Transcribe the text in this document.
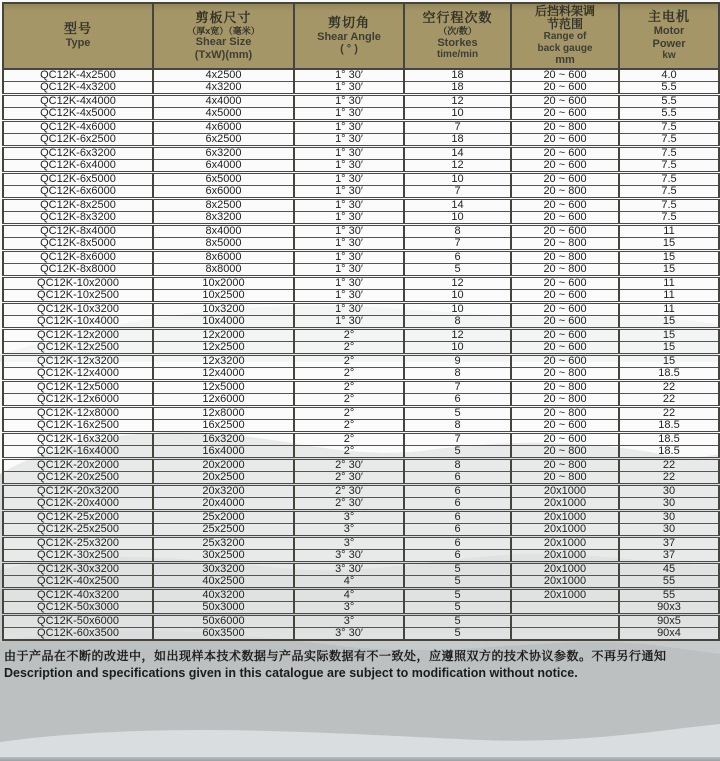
型号
Type	剪板尺寸
（厚x宽）（毫米）
Shear Size
(TxW)(mm)	剪切角
Shear Angle
( ° )	空行程次数
（次/数）
Storkes
time/min	后挡料架调
节范围
Range of
back gauge
mm	主电机
Motor
Power
kw

QC12K-4x2500	4x2500	1° 30′	18	20 ~ 600	4.0
QC12K-4x3200	4x3200	1° 30′	18	20 ~ 600	5.5
QC12K-4x4000	4x4000	1° 30′	12	20 ~ 600	5.5
QC12K-4x5000	4x5000	1° 30′	10	20 ~ 600	5.5
QC12K-4x6000	4x6000	1° 30′	7	20 ~ 800	7.5
QC12K-6x2500	6x2500	1° 30′	18	20 ~ 600	7.5
QC12K-6x3200	6x3200	1° 30′	14	20 ~ 600	7.5
QC12K-6x4000	6x4000	1° 30′	12	20 ~ 600	7.5
QC12K-6x5000	6x5000	1° 30′	10	20 ~ 600	7.5
QC12K-6x6000	6x6000	1° 30′	7	20 ~ 800	7.5
QC12K-8x2500	8x2500	1° 30′	14	20 ~ 600	7.5
QC12K-8x3200	8x3200	1° 30′	10	20 ~ 600	7.5
QC12K-8x4000	8x4000	1° 30′	8	20 ~ 600	11
QC12K-8x5000	8x5000	1° 30′	7	20 ~ 800	15
QC12K-8x6000	8x6000	1° 30′	6	20 ~ 800	15
QC12K-8x8000	8x8000	1° 30′	5	20 ~ 800	15
QC12K-10x2000	10x2000	1° 30′	12	20 ~ 600	11
QC12K-10x2500	10x2500	1° 30′	10	20 ~ 600	11
QC12K-10x3200	10x3200	1° 30′	10	20 ~ 600	11
QC12K-10x4000	10x4000	1° 30′	8	20 ~ 600	15
QC12K-12x2000	12x2000	2°	12	20 ~ 600	15
QC12K-12x2500	12x2500	2°	10	20 ~ 600	15
QC12K-12x3200	12x3200	2°	9	20 ~ 600	15
QC12K-12x4000	12x4000	2°	8	20 ~ 800	18.5
QC12K-12x5000	12x5000	2°	7	20 ~ 800	22
QC12K-12x6000	12x6000	2°	6	20 ~ 800	22
QC12K-12x8000	12x8000	2°	5	20 ~ 800	22
QC12K-16x2500	16x2500	2°	8	20 ~ 600	18.5
QC12K-16x3200	16x3200	2°	7	20 ~ 600	18.5
QC12K-16x4000	16x4000	2°	5	20 ~ 800	18.5
QC12K-20x2000	20x2000	2° 30′	8	20 ~ 800	22
QC12K-20x2500	20x2500	2° 30′	6	20 ~ 800	22
QC12K-20x3200	20x3200	2° 30′	6	20x1000	30
QC12K-20x4000	20x4000	2° 30′	6	20x1000	30
QC12K-25x2000	25x2000	3°	6	20x1000	30
QC12K-25x2500	25x2500	3°	6	20x1000	30
QC12K-25x3200	25x3200	3°	6	20x1000	37
QC12K-30x2500	30x2500	3° 30′	6	20x1000	37
QC12K-30x3200	30x3200	3° 30′	5	20x1000	45
QC12K-40x2500	40x2500	4°	5	20x1000	55
QC12K-40x3200	40x3200	4°	5	20x1000	55
QC12K-50x3000	50x3000	3°	5		90x3
QC12K-50x6000	50x6000	3°	5		90x5
QC12K-60x3500	60x3500	3° 30′	5		90x4
由于产品在不断的改进中，如出现样本技术数据与产品实际数据有不一致处，应遵照双方的技术协议参数。不再另行通知
Description and specifications given in this catalogue are subject to modification without notice.
